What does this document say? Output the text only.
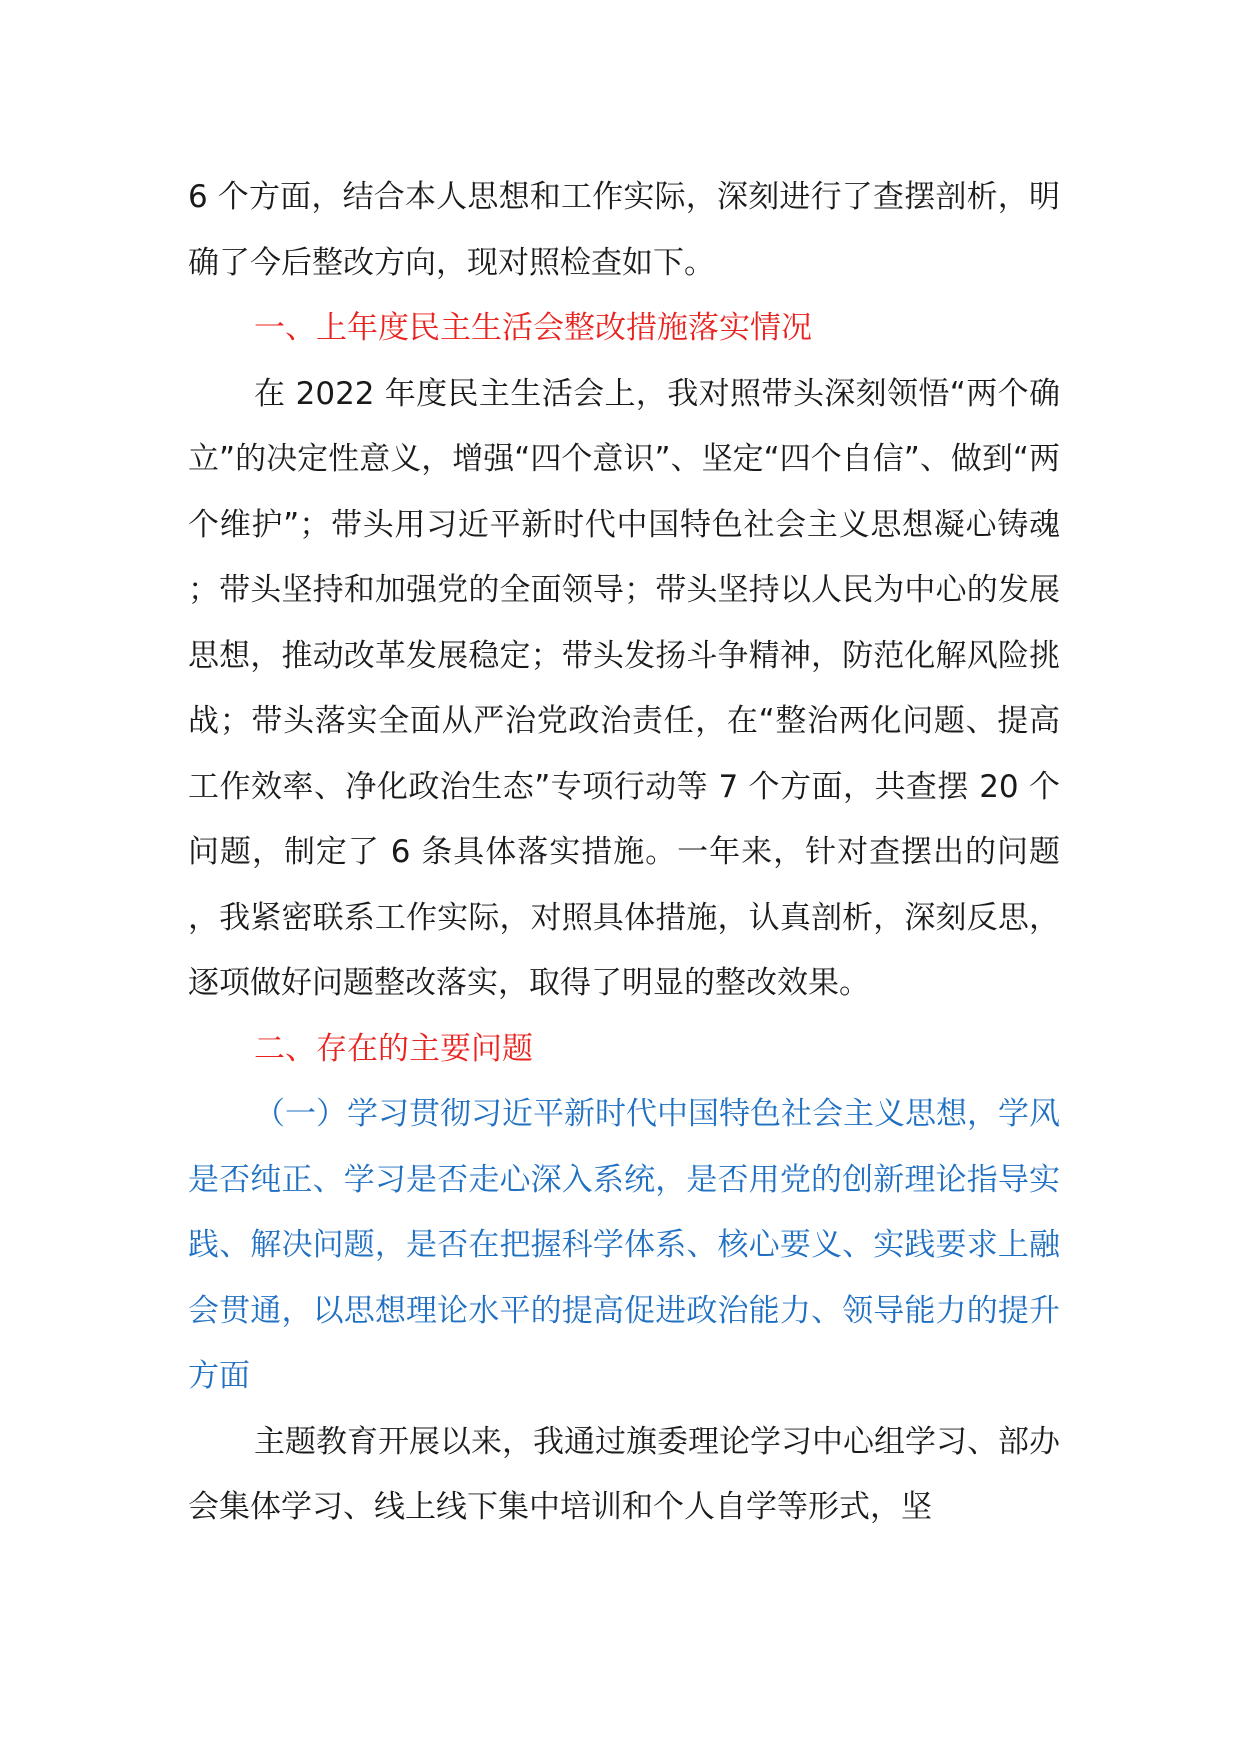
6 个方面，结合本人思想和工作实际，深刻进行了查摆剖析，明确了今后整改方向，现对照检查如下。

一、上年度民主生活会整改措施落实情况

在 2022 年度民主生活会上，我对照带头深刻领悟“两个确立”的决定性意义，增强“四个意识”、坚定“四个自信”、做到“两个维护”；带头用习近平新时代中国特色社会主义思想凝心铸魂；带头坚持和加强党的全面领导；带头坚持以人民为中心的发展思想，推动改革发展稳定；带头发扬斗争精神，防范化解风险挑战；带头落实全面从严治党政治责任，在“整治两化问题、提高工作效率、净化政治生态”专项行动等 7 个方面，共查摆 20 个问题，制定了 6 条具体落实措施。一年来，针对查摆出的问题，我紧密联系工作实际，对照具体措施，认真剖析，深刻反思，逐项做好问题整改落实，取得了明显的整改效果。

二、存在的主要问题

（一）学习贯彻习近平新时代中国特色社会主义思想，学风是否纯正、学习是否走心深入系统，是否用党的创新理论指导实践、解决问题，是否在把握科学体系、核心要义、实践要求上融会贯通，以思想理论水平的提高促进政治能力、领导能力的提升方面

主题教育开展以来，我通过旗委理论学习中心组学习、部办会集体学习、线上线下集中培训和个人自学等形式，坚
